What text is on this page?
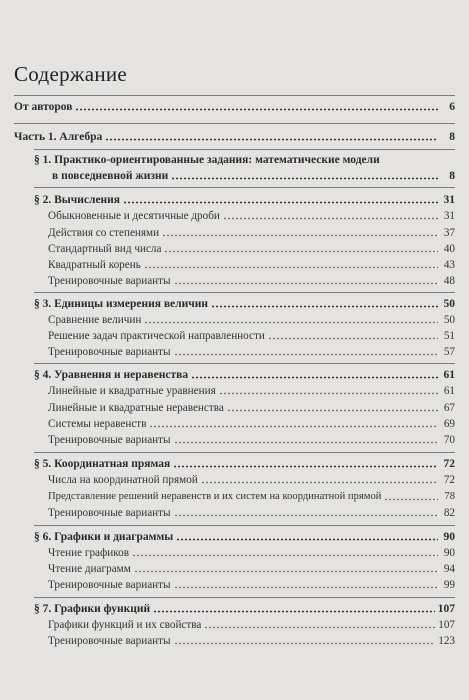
Содержание
От авторов	6
Часть 1. Алгебра	8
§ 1. Практико-ориентированные задания: математические модели
в повседневной жизни	8
§ 2. Вычисления	31
Обыкновенные и десятичные дроби	31
Действия со степенями	37
Стандартный вид числа	40
Квадратный корень	43
Тренировочные варианты	48
§ 3. Единицы измерения величин	50
Сравнение величин	50
Решение задач практической направленности	51
Тренировочные варианты	57
§ 4. Уравнения и неравенства	61
Линейные и квадратные уравнения	61
Линейные и квадратные неравенства	67
Системы неравенств	69
Тренировочные варианты	70
§ 5. Координатная прямая	72
Числа на координатной прямой	72
Представление решений неравенств и их систем на координатной прямой	78
Тренировочные варианты	82
§ 6. Графики и диаграммы	90
Чтение графиков	90
Чтение диаграмм	94
Тренировочные варианты	99
§ 7. Графики функций	107
Графики функций и их свойства	107
Тренировочные варианты	123
